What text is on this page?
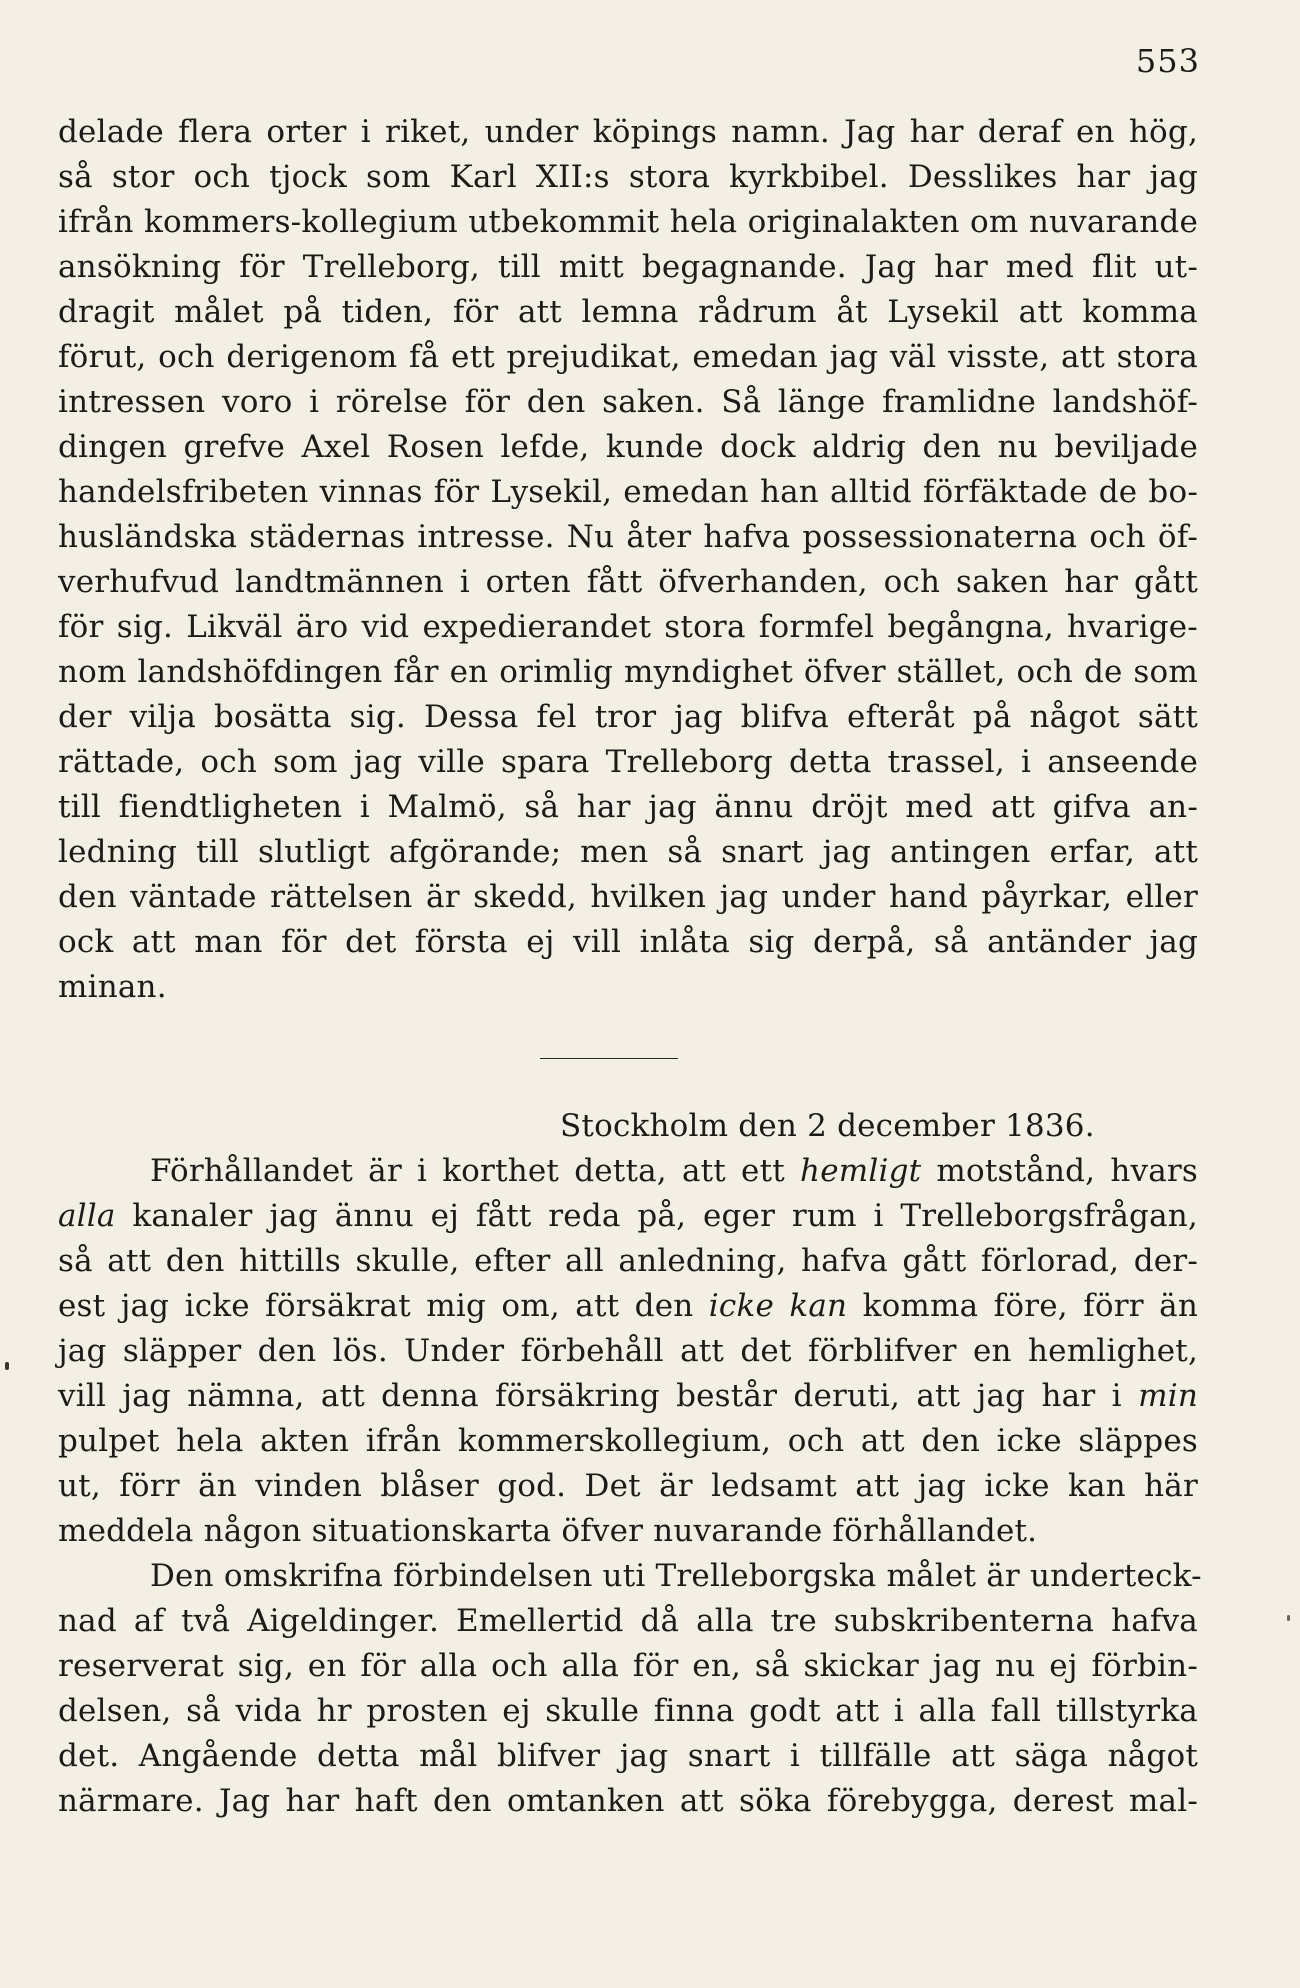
553
delade flera orter i riket, under köpings namn. Jag har deraf en hög,
så stor och tjock som Karl XII:s stora kyrkbibel. Desslikes har jag
ifrån kommers-kollegium utbekommit hela originalakten om nuvarande
ansökning för Trelleborg, till mitt begagnande. Jag har med flit ut-
dragit målet på tiden, för att lemna rådrum åt Lysekil att komma
förut, och derigenom få ett prejudikat, emedan jag väl visste, att stora
intressen voro i rörelse för den saken. Så länge framlidne landshöf-
dingen grefve Axel Rosen lefde, kunde dock aldrig den nu beviljade
handelsfribeten vinnas för Lysekil, emedan han alltid förfäktade de bo-
husländska städernas intresse. Nu åter hafva possessionaterna och öf-
verhufvud landtmännen i orten fått öfverhanden, och saken har gått
för sig. Likväl äro vid expedierandet stora formfel begångna, hvarige-
nom landshöfdingen får en orimlig myndighet öfver stället, och de som
der vilja bosätta sig. Dessa fel tror jag blifva efteråt på något sätt
rättade, och som jag ville spara Trelleborg detta trassel, i anseende
till fiendtligheten i Malmö, så har jag ännu dröjt med att gifva an-
ledning till slutligt afgörande; men så snart jag antingen erfar, att
den väntade rättelsen är skedd, hvilken jag under hand påyrkar, eller
ock att man för det första ej vill inlåta sig derpå, så antänder jag
minan.
Stockholm den 2 december 1836.
Förhållandet är i korthet detta, att ett hemligt motstånd, hvars
alla kanaler jag ännu ej fått reda på, eger rum i Trelleborgsfrågan,
så att den hittills skulle, efter all anledning, hafva gått förlorad, der-
est jag icke försäkrat mig om, att den icke kan komma före, förr än
jag släpper den lös. Under förbehåll att det förblifver en hemlighet,
vill jag nämna, att denna försäkring består deruti, att jag har i min
pulpet hela akten ifrån kommerskollegium, och att den icke släppes
ut, förr än vinden blåser god. Det är ledsamt att jag icke kan här
meddela någon situationskarta öfver nuvarande förhållandet.
Den omskrifna förbindelsen uti Trelleborgska målet är underteck-
nad af två Aigeldinger. Emellertid då alla tre subskribenterna hafva
reserverat sig, en för alla och alla för en, så skickar jag nu ej förbin-
delsen, så vida hr prosten ej skulle finna godt att i alla fall tillstyrka
det. Angående detta mål blifver jag snart i tillfälle att säga något
närmare. Jag har haft den omtanken att söka förebygga, derest mal-
